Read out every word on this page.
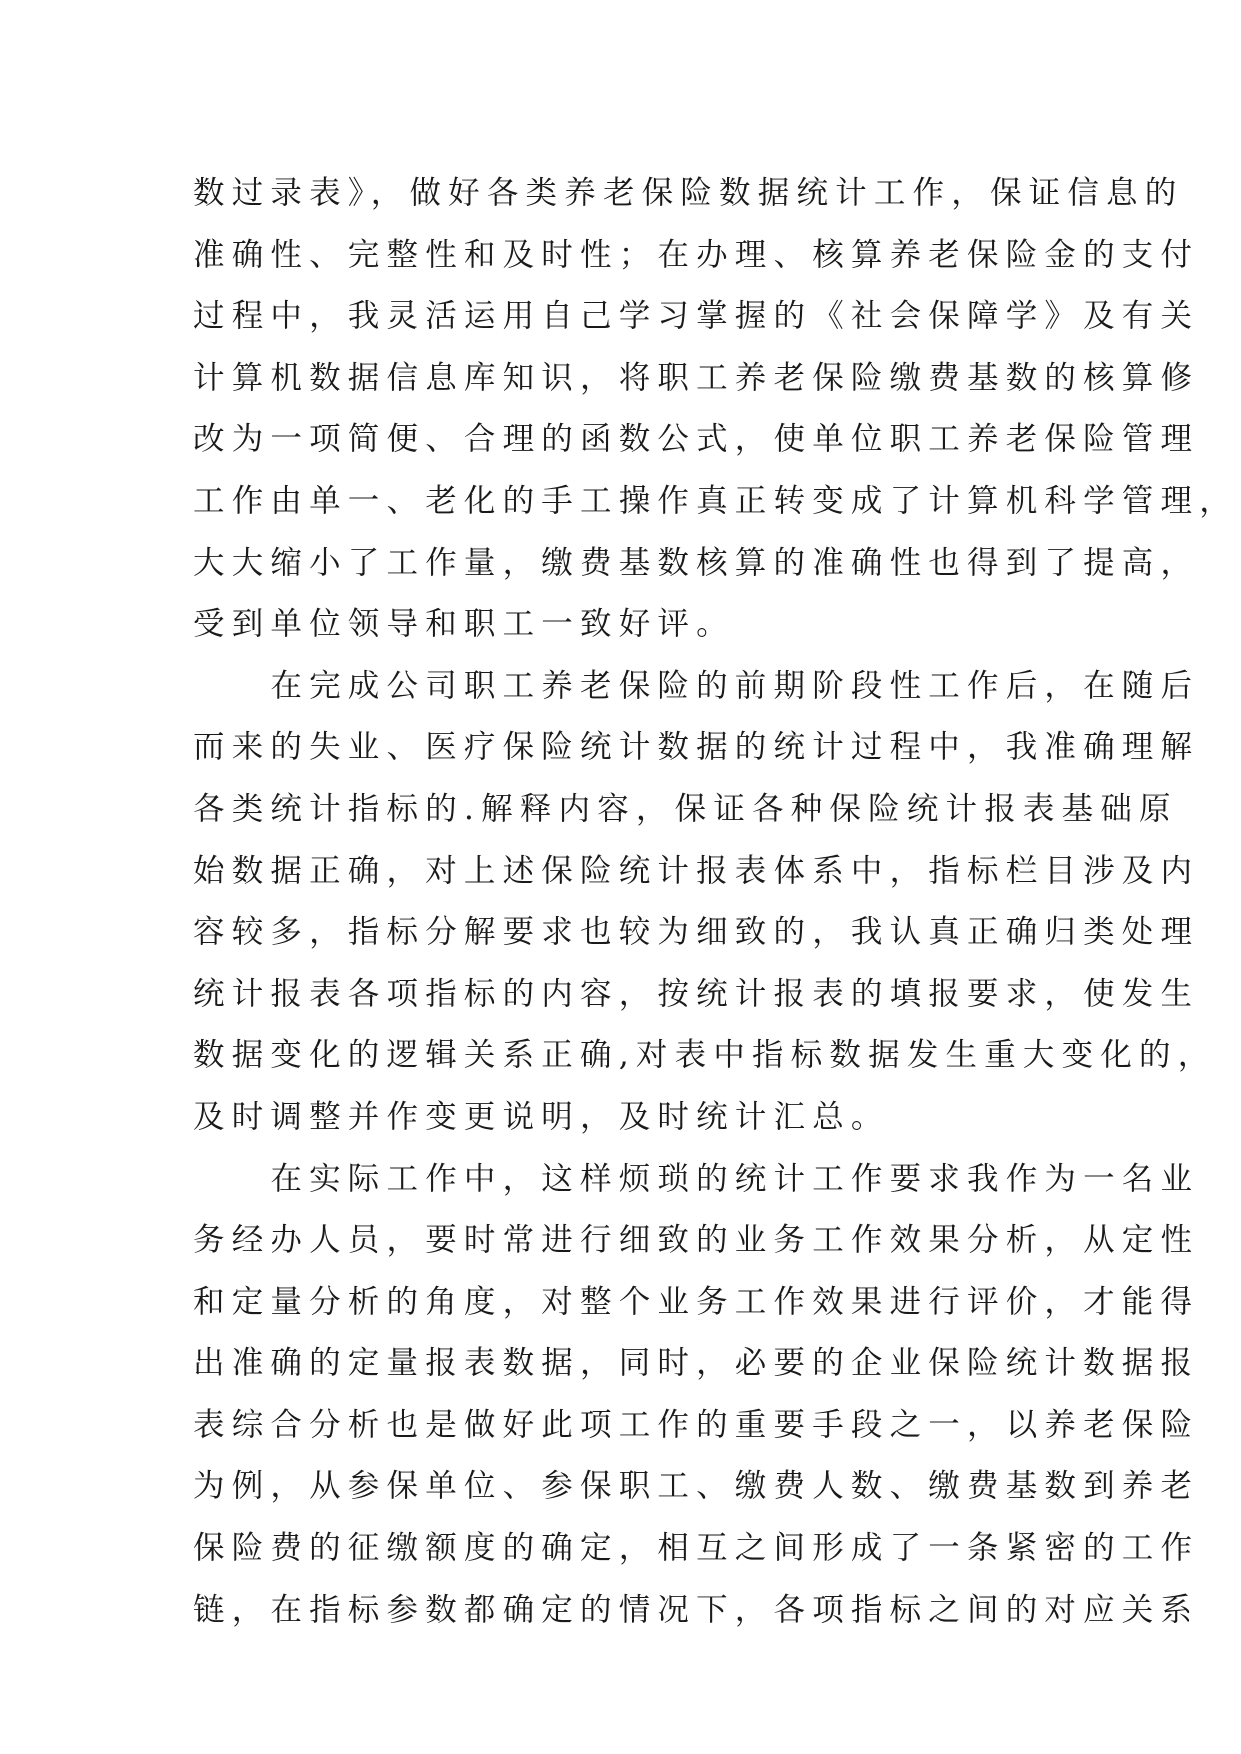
数过录表》，做好各类养老保险数据统计工作，保证信息的
准确性、完整性和及时性；在办理、核算养老保险金的支付
过程中，我灵活运用自己学习掌握的《社会保障学》及有关
计算机数据信息库知识，将职工养老保险缴费基数的核算修
改为一项简便、合理的函数公式，使单位职工养老保险管理
工作由单一、老化的手工操作真正转变成了计算机科学管理，
大大缩小了工作量，缴费基数核算的准确性也得到了提高，
受到单位领导和职工一致好评。
　　在完成公司职工养老保险的前期阶段性工作后，在随后
而来的失业、医疗保险统计数据的统计过程中，我准确理解
各类统计指标的.解释内容，保证各种保险统计报表基础原
始数据正确，对上述保险统计报表体系中，指标栏目涉及内
容较多，指标分解要求也较为细致的，我认真正确归类处理
统计报表各项指标的内容，按统计报表的填报要求，使发生
数据变化的逻辑关系正确,对表中指标数据发生重大变化的，
及时调整并作变更说明，及时统计汇总。
　　在实际工作中，这样烦琐的统计工作要求我作为一名业
务经办人员，要时常进行细致的业务工作效果分析，从定性
和定量分析的角度，对整个业务工作效果进行评价，才能得
出准确的定量报表数据，同时，必要的企业保险统计数据报
表综合分析也是做好此项工作的重要手段之一，以养老保险
为例，从参保单位、参保职工、缴费人数、缴费基数到养老
保险费的征缴额度的确定，相互之间形成了一条紧密的工作
链，在指标参数都确定的情况下，各项指标之间的对应关系
